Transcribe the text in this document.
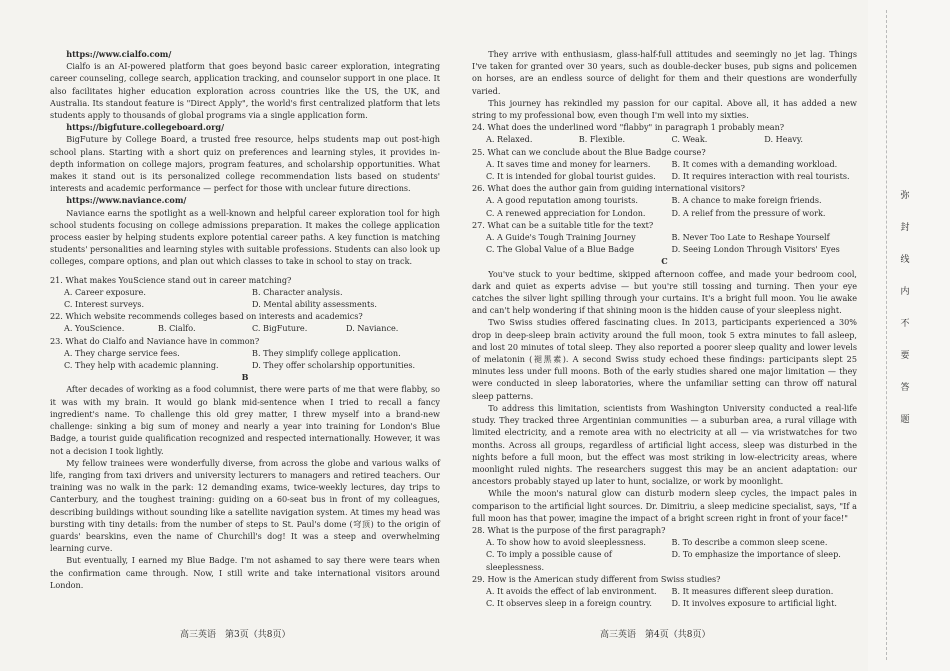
https://www.cialfo.com/

Cialfo is an AI-powered platform that goes beyond basic career exploration, integrating career counseling, college search, application tracking, and counselor support in one place. It also facilitates higher education exploration across countries like the US, the UK, and Australia. Its standout feature is "Direct Apply", the world's first centralized platform that lets students apply to thousands of global programs via a single application form.

https://bigfuture.collegeboard.org/

BigFuture by College Board, a trusted free resource, helps students map out post-high school plans. Starting with a short quiz on preferences and learning styles, it provides in-depth information on college majors, program features, and scholarship opportunities. What makes it stand out is its personalized college recommendation lists based on students' interests and academic performance — perfect for those with unclear future directions.

https://www.naviance.com/

Naviance earns the spotlight as a well-known and helpful career exploration tool for high school students focusing on college admissions preparation. It makes the college application process easier by helping students explore potential career paths. A key function is matching students' personalities and learning styles with suitable professions. Students can also look up colleges, compare options, and plan out which classes to take in school to stay on track.

21. What makes YouScience stand out in career matching?
A. Career exposure.	B. Character analysis.
C. Interest surveys.	D. Mental ability assessments.
22. Which website recommends colleges based on interests and academics?
A. YouScience.	B. Cialfo.	C. BigFuture.	D. Naviance.
23. What do Cialfo and Naviance have in common?
A. They charge service fees.	B. They simplify college application.
C. They help with academic planning.	D. They offer scholarship opportunities.
B

After decades of working as a food columnist, there were parts of me that were flabby, so it was with my brain. It would go blank mid-sentence when I tried to recall a fancy ingredient's name. To challenge this old grey matter, I threw myself into a brand-new challenge: sinking a big sum of money and nearly a year into training for London's Blue Badge, a tourist guide qualification recognized and respected internationally. However, it was not a decision I took lightly.

My fellow trainees were wonderfully diverse, from across the globe and various walks of life, ranging from taxi drivers and university lecturers to managers and retired teachers. Our training was no walk in the park: 12 demanding exams, twice-weekly lectures, day trips to Canterbury, and the toughest training: guiding on a 60-seat bus in front of my colleagues, describing buildings without sounding like a satellite navigation system. At times my head was bursting with tiny details: from the number of steps to St. Paul's dome (穹顶) to the origin of guards' bearskins, even the name of Churchill's dog! It was a steep and overwhelming learning curve.

But eventually, I earned my Blue Badge. I'm not ashamed to say there were tears when the confirmation came through. Now, I still write and take international visitors around London.

They arrive with enthusiasm, glass-half-full attitudes and seemingly no jet lag. Things I've taken for granted over 30 years, such as double-decker buses, pub signs and policemen on horses, are an endless source of delight for them and their questions are wonderfully varied.

This journey has rekindled my passion for our capital. Above all, it has added a new string to my professional bow, even though I'm well into my sixties.

24. What does the underlined word "flabby" in paragraph 1 probably mean?
A. Relaxed.	B. Flexible.	C. Weak.	D. Heavy.
25. What can we conclude about the Blue Badge course?
A. It saves time and money for learners.	B. It comes with a demanding workload.
C. It is intended for global tourist guides.	D. It requires interaction with real tourists.
26. What does the author gain from guiding international visitors?
A. A good reputation among tourists.	B. A chance to make foreign friends.
C. A renewed appreciation for London.	D. A relief from the pressure of work.
27. What can be a suitable title for the text?
A. A Guide's Tough Training Journey	B. Never Too Late to Reshape Yourself
C. The Global Value of a Blue Badge	D. Seeing London Through Visitors' Eyes
C

You've stuck to your bedtime, skipped afternoon coffee, and made your bedroom cool, dark and quiet as experts advise — but you're still tossing and turning. Then your eye catches the silver light spilling through your curtains. It's a bright full moon. You lie awake and can't help wondering if that shining moon is the hidden cause of your sleepless night.

Two Swiss studies offered fascinating clues. In 2013, participants experienced a 30% drop in deep-sleep brain activity around the full moon, took 5 extra minutes to fall asleep, and lost 20 minutes of total sleep. They also reported a poorer sleep quality and lower levels of melatonin (褪黑素). A second Swiss study echoed these findings: participants slept 25 minutes less under full moons. Both of the early studies shared one major limitation — they were conducted in sleep laboratories, where the unfamiliar setting can throw off natural sleep patterns.

To address this limitation, scientists from Washington University conducted a real-life study. They tracked three Argentinian communities — a suburban area, a rural village with limited electricity, and a remote area with no electricity at all — via wristwatches for two months. Across all groups, regardless of artificial light access, sleep was disturbed in the nights before a full moon, but the effect was most striking in low-electricity areas, where moonlight ruled nights. The researchers suggest this may be an ancient adaptation: our ancestors probably stayed up later to hunt, socialize, or work by moonlight.

While the moon's natural glow can disturb modern sleep cycles, the impact pales in comparison to the artificial light sources. Dr. Dimitriu, a sleep medicine specialist, says, "If a full moon has that power, imagine the impact of a bright screen right in front of your face!"

28. What is the purpose of the first paragraph?
A. To show how to avoid sleeplessness.	B. To describe a common sleep scene.
C. To imply a possible cause of sleeplessness.
D. To emphasize the importance of sleep.
29. How is the American study different from Swiss studies?
A. It avoids the effect of lab environment.	B. It measures different sleep duration.
C. It observes sleep in a foreign country.	D. It involves exposure to artificial light.
高三英语　第3页（共8页）	高三英语　第4页（共8页）
弥
封
线
内
不
要
答
题
